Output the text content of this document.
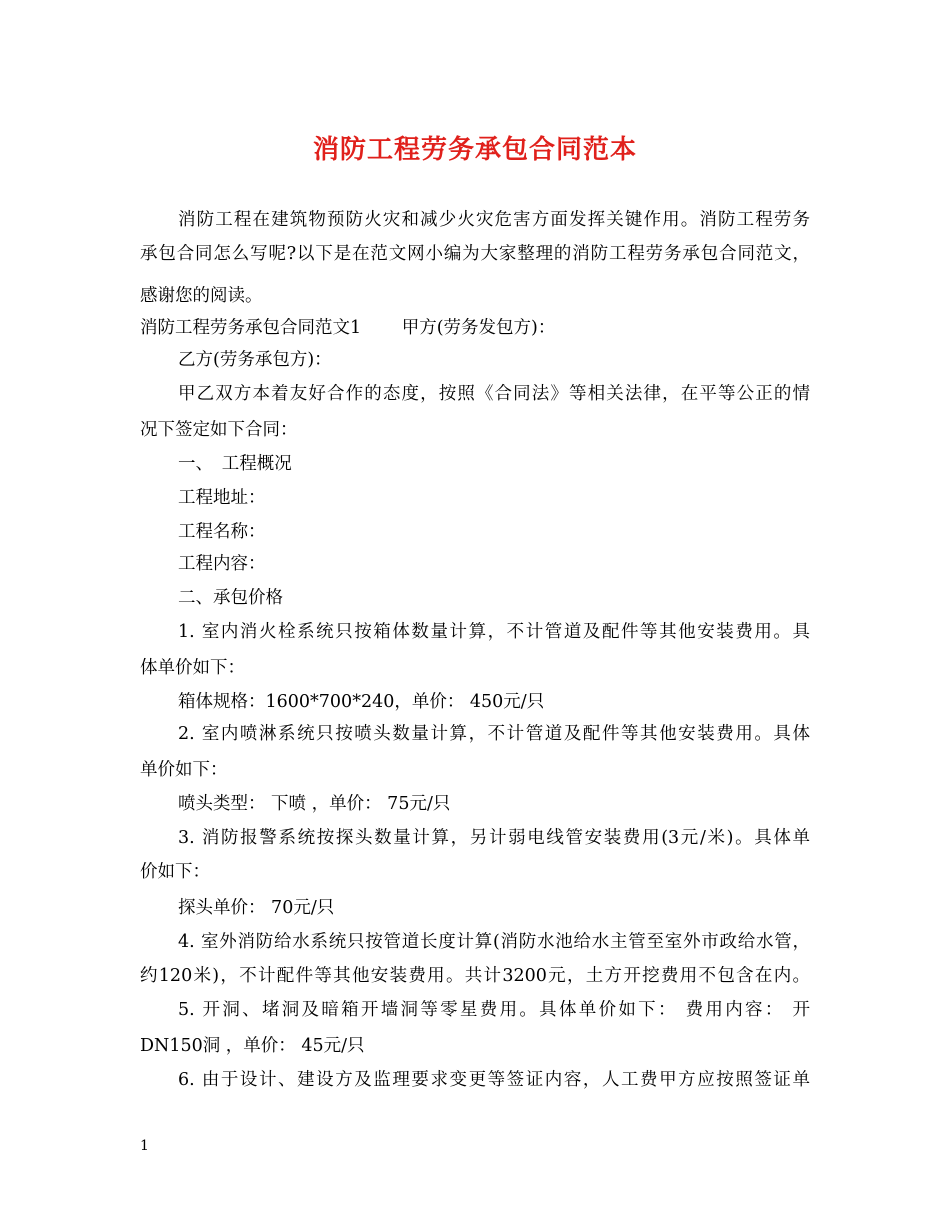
消防工程劳务承包合同范本
消防工程在建筑物预防火灾和减少火灾危害方面发挥关键作用。消防工程劳务
承包合同怎么写呢?以下是在范文网小编为大家整理的消防工程劳务承包合同范文，
感谢您的阅读。
消防工程劳务承包合同范文1　　 甲方(劳务发包方)：
乙方(劳务承包方)：
甲乙双方本着友好合作的态度，按照《合同法》等相关法律，在平等公正的情
况下签定如下合同：
一、　工程概况
工程地址：
工程名称：
工程内容：
二、承包价格
1. 室内消火栓系统只按箱体数量计算，不计管道及配件等其他安装费用。具
体单价如下：
箱体规格：1600*700*240，单价： 450元/只
2. 室内喷淋系统只按喷头数量计算，不计管道及配件等其他安装费用。具体
单价如下：
喷头类型： 下喷 ，单价： 75元/只
3. 消防报警系统按探头数量计算，另计弱电线管安装费用(3元/米)。具体单
价如下：
探头单价： 70元/只
4. 室外消防给水系统只按管道长度计算(消防水池给水主管至室外市政给水管，
约120米)，不计配件等其他安装费用。共计3200元，土方开挖费用不包含在内。
5. 开洞、堵洞及暗箱开墙洞等零星费用。具体单价如下： 费用内容： 开
DN150洞 ，单价： 45元/只
6. 由于设计、建设方及监理要求变更等签证内容，人工费甲方应按照签证单
1
